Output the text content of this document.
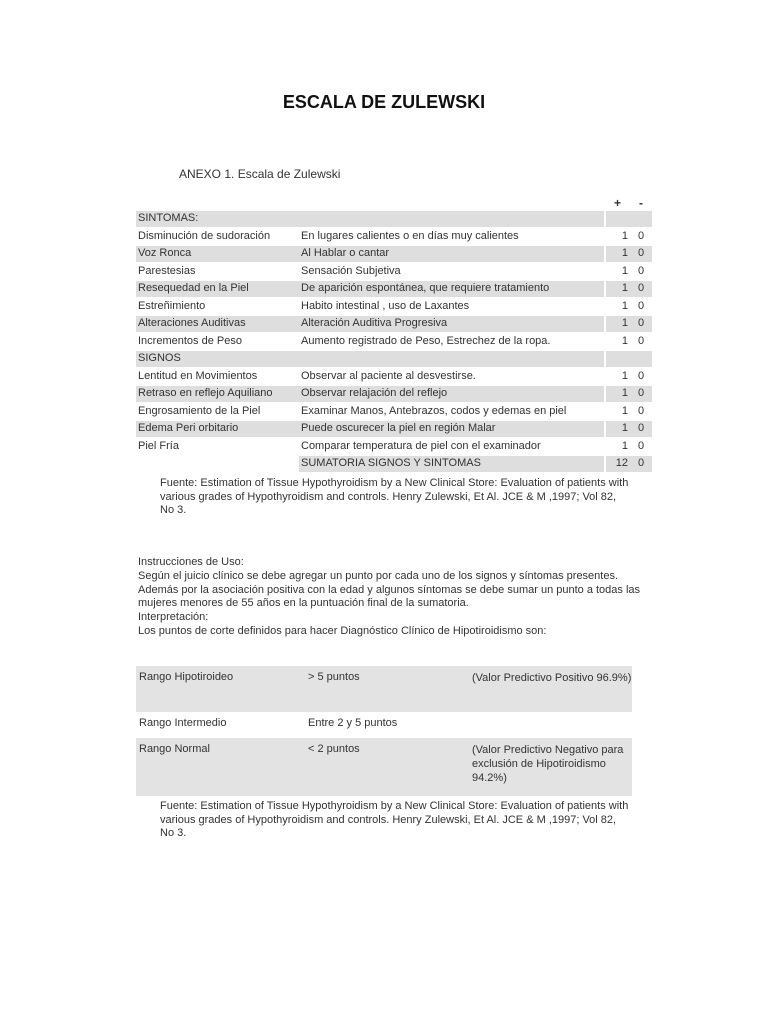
ESCALA DE ZULEWSKI
ANEXO 1. Escala de Zulewski
+ -
SINTOMAS:
Disminución de sudoración	En lugares calientes o en días muy calientes	1 0
Voz Ronca	Al Hablar o cantar	1 0
Parestesias	Sensación Subjetiva	1 0
Resequedad en la Piel	De aparición espontánea, que requiere tratamiento	1 0
Estreñimiento	Habito intestinal , uso de Laxantes	1 0
Alteraciones Auditivas	Alteración Auditiva Progresiva	1 0
Incrementos de Peso	Aumento registrado de Peso, Estrechez de la ropa.	1 0
SIGNOS
Lentitud en Movimientos	Observar al paciente al desvestirse.	1 0
Retraso en reflejo Aquiliano	Observar relajación del reflejo	1 0
Engrosamiento de la Piel	Examinar Manos, Antebrazos, codos y edemas en piel	1 0
Edema Peri orbitario	Puede oscurecer la piel en región Malar	1 0
Piel Fría	Comparar temperatura de piel con el examinador	1 0
SUMATORIA SIGNOS Y SINTOMAS	12 0
Fuente: Estimation of Tissue Hypothyroidism by a New Clinical Store: Evaluation of patients with various grades of Hypothyroidism and controls. Henry Zulewski, Et Al. JCE & M ,1997; Vol 82, No 3.

Instrucciones de Uso:

Según el juicio clínico se debe agregar un punto por cada uno de los signos y síntomas presentes. Además por la asociación positiva con la edad y algunos síntomas se debe sumar un punto a todas las mujeres menores de 55 años en la puntuación final de la sumatoria.

Interpretación:

Los puntos de corte definidos para hacer Diagnóstico Clínico de Hipotiroidismo son:

Rango Hipotiroideo	> 5 puntos	(Valor Predictivo Positivo 96.9%)
Rango Intermedio	Entre 2 y 5 puntos
Rango Normal	< 2 puntos	(Valor Predictivo Negativo para exclusión de Hipotiroidismo 94.2%)
Fuente: Estimation of Tissue Hypothyroidism by a New Clinical Store: Evaluation of patients with various grades of Hypothyroidism and controls. Henry Zulewski, Et Al. JCE & M ,1997; Vol 82, No 3.
